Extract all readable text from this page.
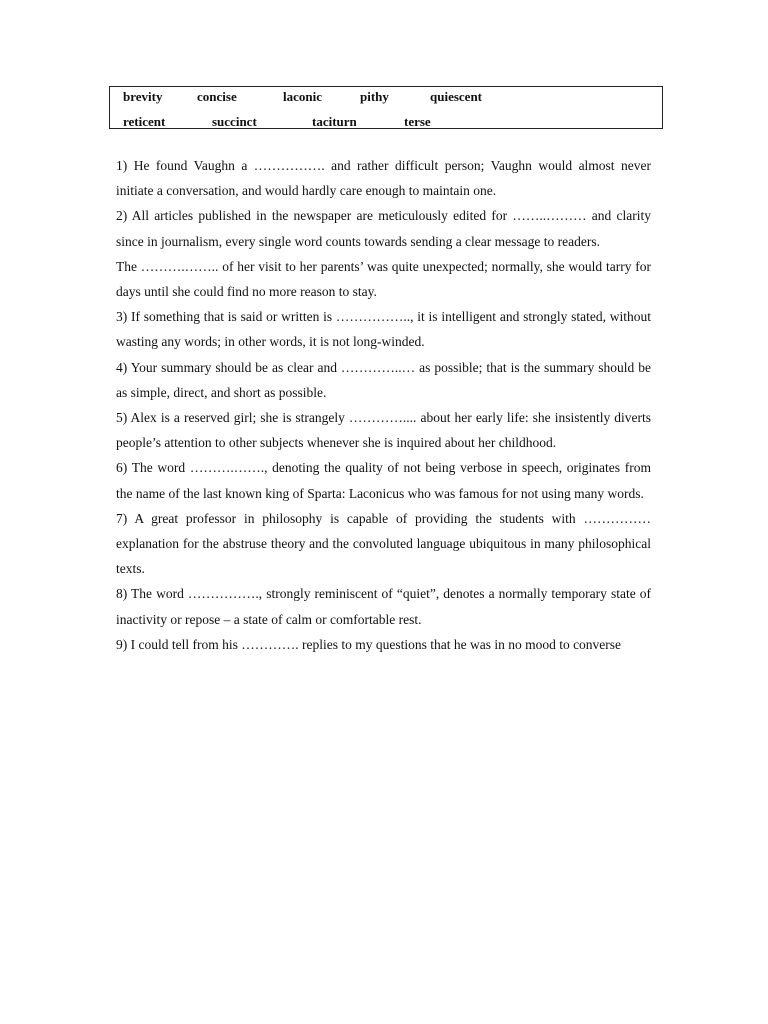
brevity	concise	laconic	pithy	quiescent
reticent	succinct	taciturn	terse

1) He found Vaughn a ……………. and rather difficult person; Vaughn would almost never initiate a conversation, and would hardly care enough to maintain one.

2) All articles published in the newspaper are meticulously edited for ……..……… and clarity since in journalism, every single word counts towards sending a clear message to readers.

The ……….…….. of her visit to her parents’ was quite unexpected; normally, she would tarry for days until she could find no more reason to stay.

3) If something that is said or written is …………….., it is intelligent and strongly stated, without wasting any words; in other words, it is not long-winded.

4) Your summary should be as clear and …………..… as possible; that is the summary should be as simple, direct, and short as possible.

5) Alex is a reserved girl; she is strangely ………….... about her early life: she insistently diverts people’s attention to other subjects whenever she is inquired about her childhood.

6) The word ……….……., denoting the quality of not being verbose in speech, originates from the name of the last known king of Sparta: Laconicus who was famous for not using many words.

7) A great professor in philosophy is capable of providing the students with …………… explanation for the abstruse theory and the convoluted language ubiquitous in many philosophical texts.

8) The word ……………., strongly reminiscent of “quiet”, denotes a normally temporary state of inactivity or repose – a state of calm or comfortable rest.

9) I could tell from his …………. replies to my questions that he was in no mood to converse
